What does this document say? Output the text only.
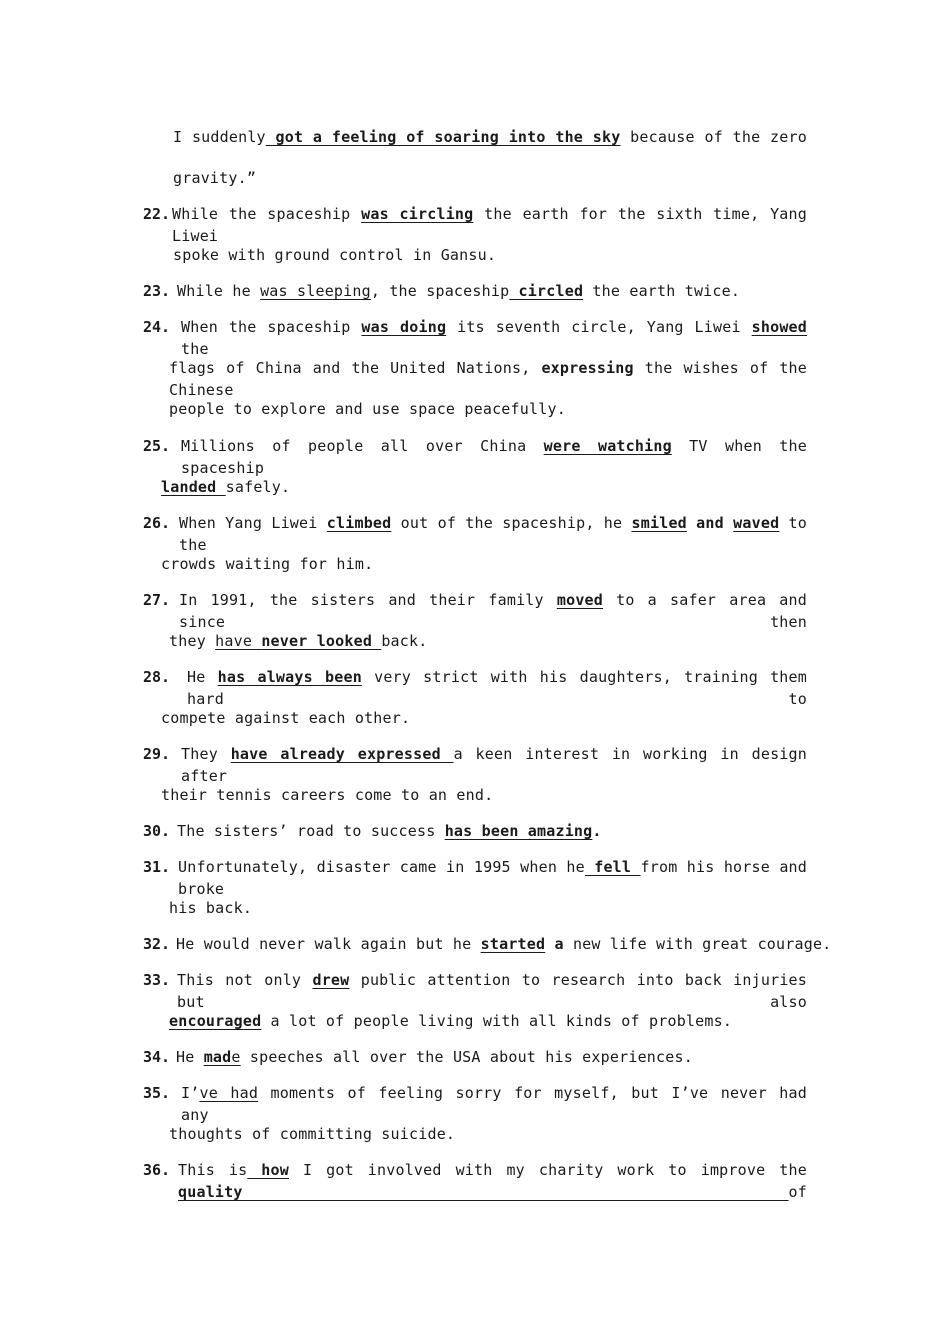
I suddenly got a feeling of soaring into the sky because of the zero
gravity.”
22. While the spaceship was circling the earth for the sixth time, Yang Liwei
spoke with ground control in Gansu.
23. While he was sleeping, the spaceship circled the earth twice.
24. When the spaceship was doing its seventh circle, Yang Liwei showed the
flags of China and the United Nations, expressing the wishes of the Chinese
people to explore and use space peacefully.
25. Millions of people all over China were watching TV when the spaceship
landed safely.
26. When Yang Liwei climbed out of the spaceship, he smiled and waved to the
crowds waiting for him.
27. In 1991, the sisters and their family moved to a safer area and since then
they have never looked back.
28. He has always been very strict with his daughters, training them hard to
compete against each other.
29. They have already expressed a keen interest in working in design after
their tennis careers come to an end.
30. The sisters’ road to success has been amazing.
31. Unfortunately, disaster came in 1995 when he fell from his horse and broke
his back.
32. He would never walk again but he started a new life with great courage.
33. This not only drew public attention to research into back injuries but also
encouraged a lot of people living with all kinds of problems.
34. He made speeches all over the USA about his experiences.
35. I’ve had moments of feeling sorry for myself, but I’ve never had any
thoughts of committing suicide.
36. This is how I got involved with my charity work to improve the quality of
